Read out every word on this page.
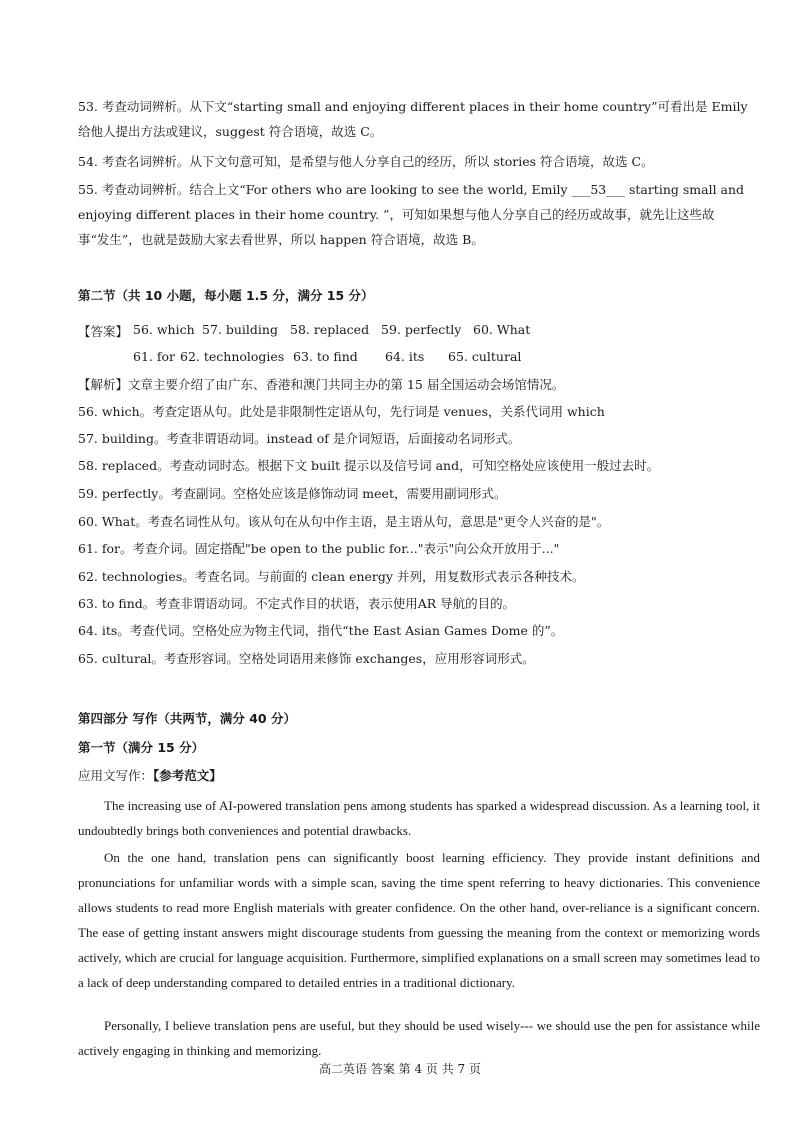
53. 考查动词辨析。从下文“starting small and enjoying different places in their home country”可看出是 Emily

给他人提出方法或建议，suggest 符合语境，故选 C。

54. 考查名词辨析。从下文句意可知，是希望与他人分享自己的经历，所以 stories 符合语境，故选 C。

55. 考查动词辨析。结合上文“For others who are looking to see the world, Emily ___53___ starting small and

enjoying different places in their home country. ”，可知如果想与他人分享自己的经历或故事，就先让这些故

事“发生”，也就是鼓励大家去看世界，所以 happen 符合语境，故选 B。

第二节（共 10 小题，每小题 1.5 分，满分 15 分）

【答案】 56. which 57. building 58. replaced 59. perfectly 60. What
61. for 62. technologies 63. to find 64. its 65. cultural

【解析】文章主要介绍了由广东、香港和澳门共同主办的第 15 届全国运动会场馆情况。

56. which。考查定语从句。此处是非限制性定语从句，先行词是 venues，关系代词用 which

57. building。考查非谓语动词。instead of 是介词短语，后面接动名词形式。

58. replaced。考查动词时态。根据下文 built 提示以及信号词 and，可知空格处应该使用一般过去时。

59. perfectly。考查副词。空格处应该是修饰动词 meet，需要用副词形式。

60. What。考查名词性从句。该从句在从句中作主语，是主语从句，意思是"更令人兴奋的是"。

61. for。考查介词。固定搭配"be open to the public for..."表示"向公众开放用于..."

62. technologies。考查名词。与前面的 clean energy 并列，用复数形式表示各种技术。

63. to find。考查非谓语动词。不定式作目的状语，表示使用AR 导航的目的。

64. its。考查代词。空格处应为物主代词，指代“the East Asian Games Dome 的”。

65. cultural。考查形容词。空格处词语用来修饰 exchanges，应用形容词形式。

第四部分 写作（共两节，满分 40 分）

第一节（满分 15 分）

应用文写作：【参考范文】

The increasing use of AI-powered translation pens among students has sparked a widespread discussion. As a learning tool, it undoubtedly brings both conveniences and potential drawbacks.

On the one hand, translation pens can significantly boost learning efficiency. They provide instant definitions and pronunciations for unfamiliar words with a simple scan, saving the time spent referring to heavy dictionaries. This convenience allows students to read more English materials with greater confidence. On the other hand, over-reliance is a significant concern. The ease of getting instant answers might discourage students from guessing the meaning from the context or memorizing words actively, which are crucial for language acquisition. Furthermore, simplified explanations on a small screen may sometimes lead to a lack of deep understanding compared to detailed entries in a traditional dictionary.

Personally, I believe translation pens are useful, but they should be used wisely--- we should use the pen for assistance while actively engaging in thinking and memorizing.

高二英语 答案 第 4 页 共 7 页
